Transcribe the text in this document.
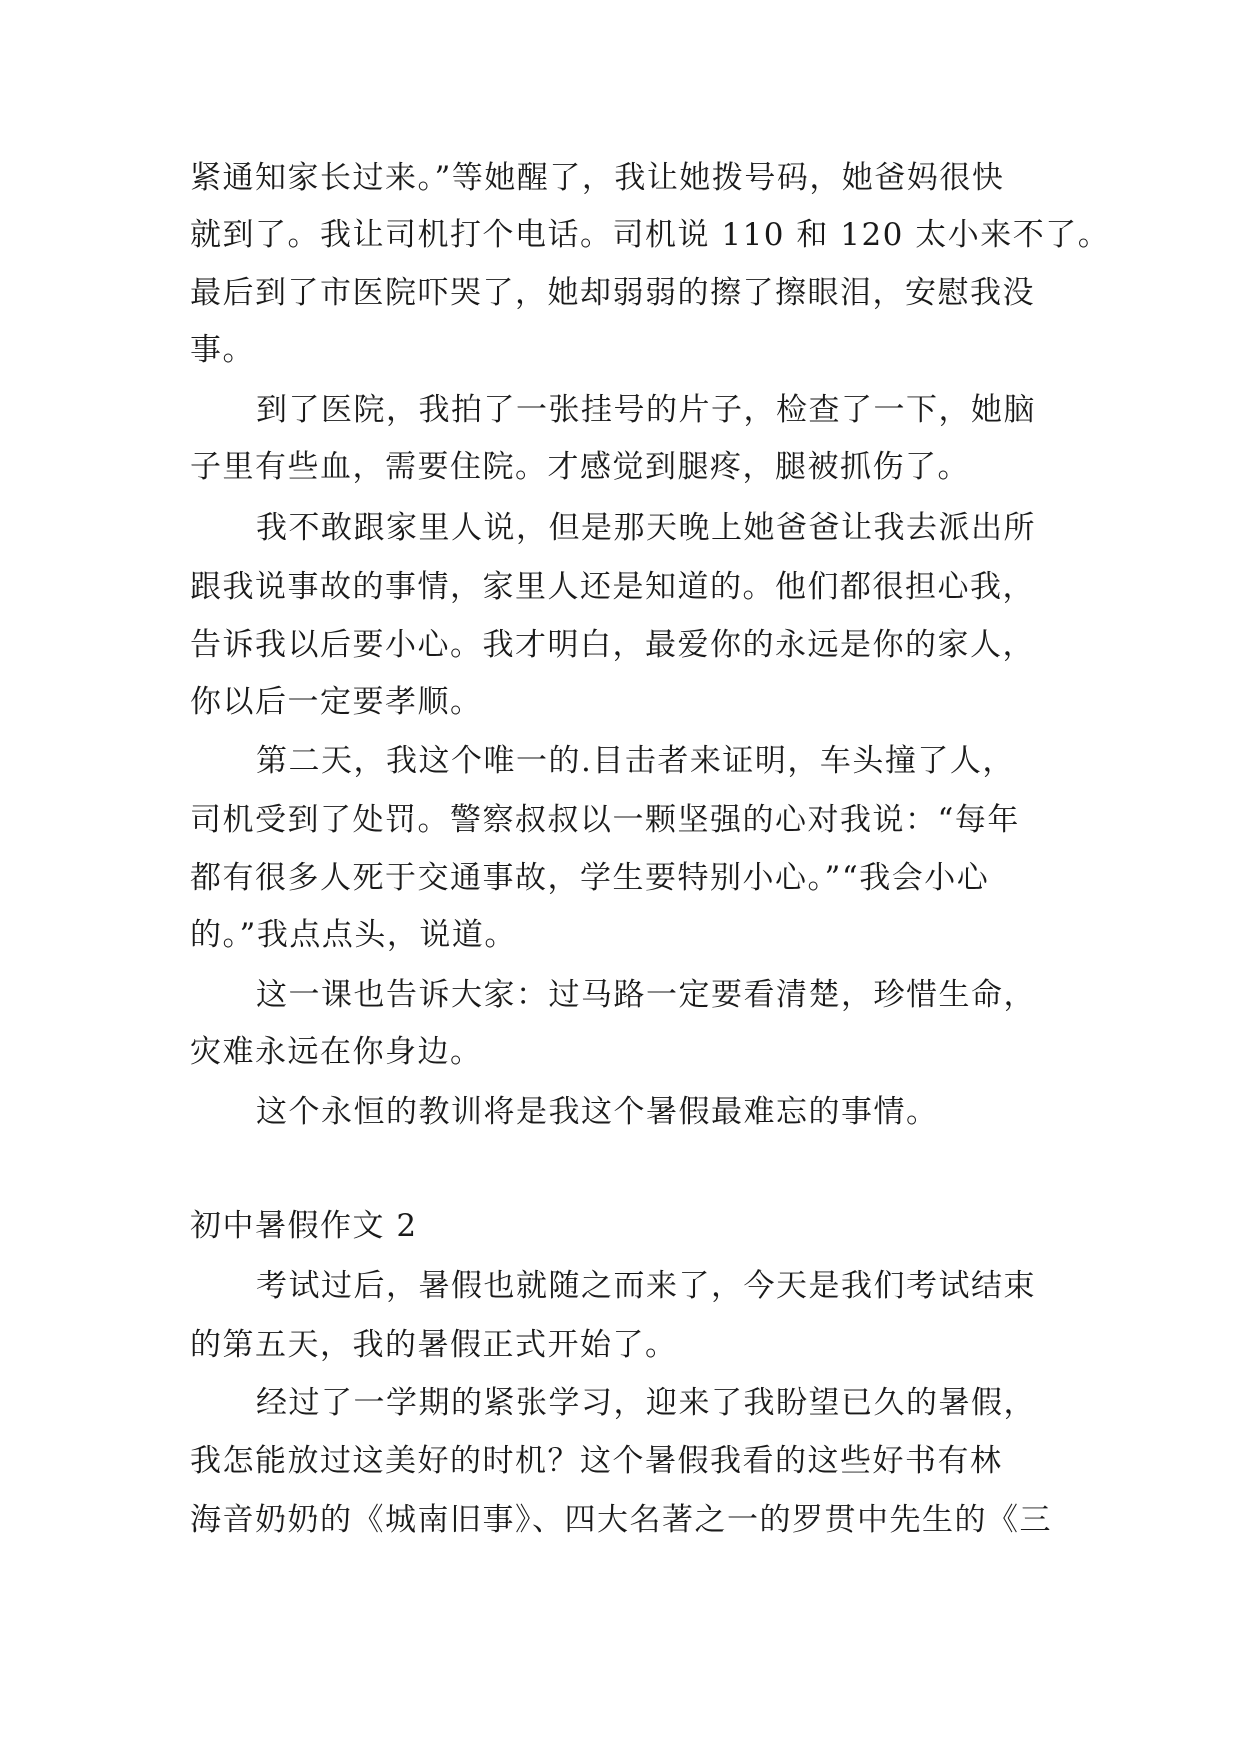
紧通知家长过来。”等她醒了，我让她拨号码，她爸妈很快
就到了。我让司机打个电话。司机说 110 和 120 太小来不了。
最后到了市医院吓哭了，她却弱弱的擦了擦眼泪，安慰我没
事。
到了医院，我拍了一张挂号的片子，检查了一下，她脑
子里有些血，需要住院。才感觉到腿疼，腿被抓伤了。
我不敢跟家里人说，但是那天晚上她爸爸让我去派出所
跟我说事故的事情，家里人还是知道的。他们都很担心我，
告诉我以后要小心。我才明白，最爱你的永远是你的家人，
你以后一定要孝顺。
第二天，我这个唯一的.目击者来证明，车头撞了人，
司机受到了处罚。警察叔叔以一颗坚强的心对我说：“每年
都有很多人死于交通事故，学生要特别小心。”“我会小心
的。”我点点头，说道。
这一课也告诉大家：过马路一定要看清楚，珍惜生命，
灾难永远在你身边。
这个永恒的教训将是我这个暑假最难忘的事情。
初中暑假作文 2
考试过后，暑假也就随之而来了，今天是我们考试结束
的第五天，我的暑假正式开始了。
经过了一学期的紧张学习，迎来了我盼望已久的暑假，
我怎能放过这美好的时机？这个暑假我看的这些好书有林
海音奶奶的《城南旧事》、四大名著之一的罗贯中先生的《三
